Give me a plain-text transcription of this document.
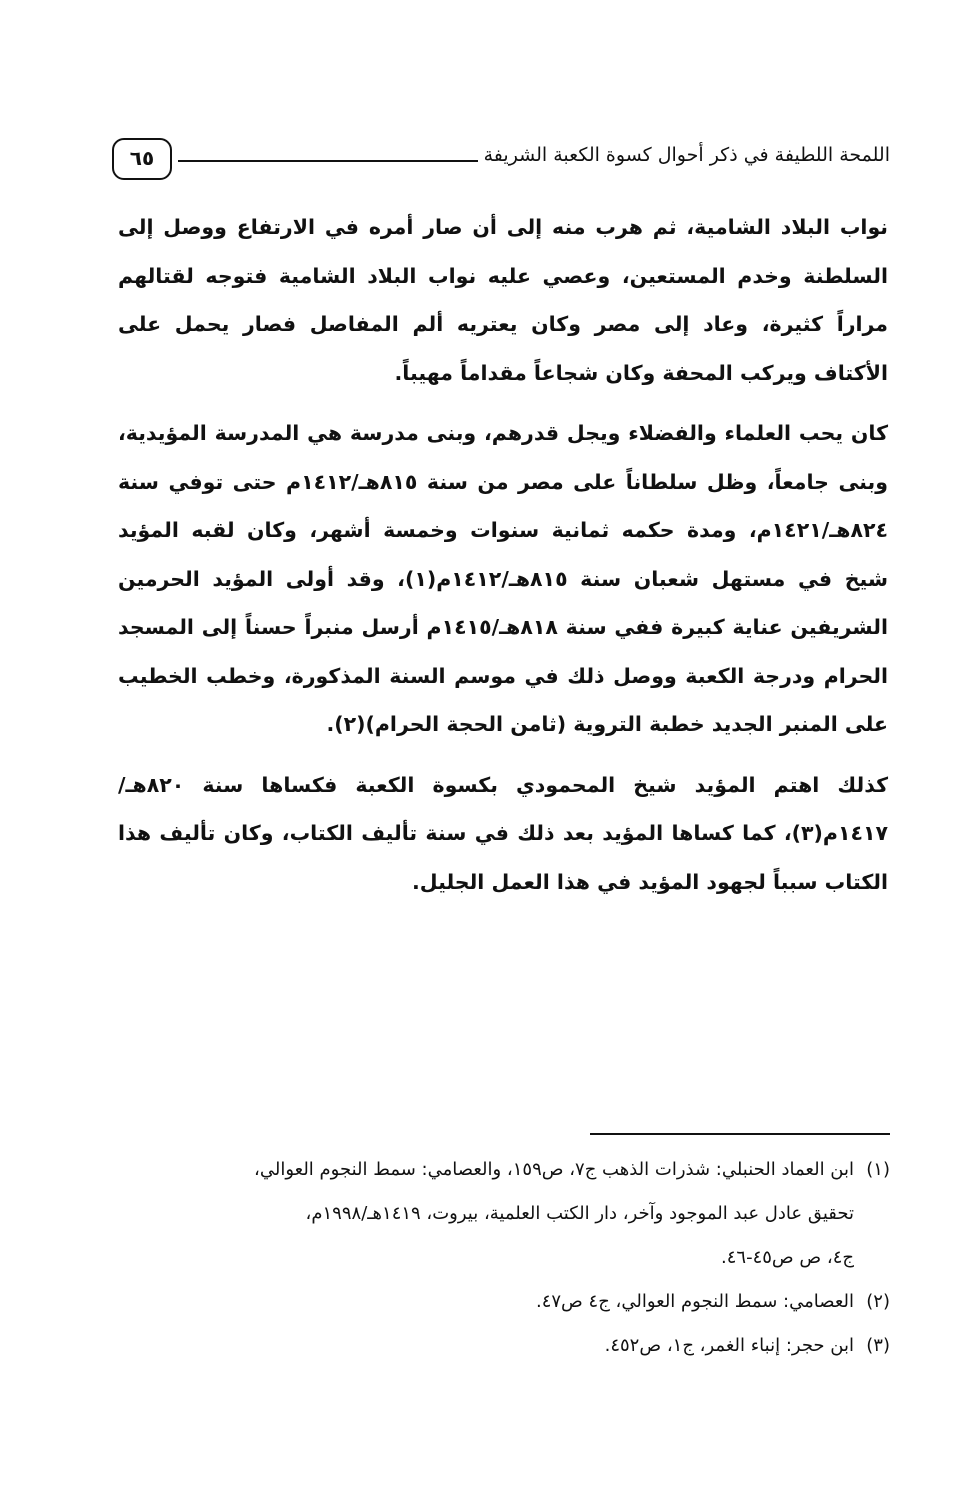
٦٥	اللمحة اللطيفة في ذكر أحوال كسوة الكعبة الشريفة

نواب البلاد الشامية، ثم هرب منه إلى أن صار أمره في الارتفاع ووصل إلى السلطنة وخدم المستعين، وعصي عليه نواب البلاد الشامية فتوجه لقتالهم مراراً كثيرة، وعاد إلى مصر وكان يعتريه ألم المفاصل فصار يحمل على الأكتاف ويركب المحفة وكان شجاعاً مقداماً مهيباً.

كان يحب العلماء والفضلاء ويجل قدرهم، وبنى مدرسة هي المدرسة المؤيدية، وبنى جامعاً، وظل سلطاناً على مصر من سنة ٨١٥هـ/١٤١٢م حتى توفي سنة ٨٢٤هـ/١٤٢١م، ومدة حكمه ثمانية سنوات وخمسة أشهر، وكان لقبه المؤيد شيخ في مستهل شعبان سنة ٨١٥هـ/١٤١٢م(١)، وقد أولى المؤيد الحرمين الشريفين عناية كبيرة ففي سنة ٨١٨هـ/١٤١٥م أرسل منبراً حسناً إلى المسجد الحرام ودرجة الكعبة ووصل ذلك في موسم السنة المذكورة، وخطب الخطيب على المنبر الجديد خطبة التروية (ثامن الحجة الحرام)(٢).

كذلك اهتم المؤيد شيخ المحمودي بكسوة الكعبة فكساها سنة ٨٢٠هـ/١٤١٧م(٣)، كما كساها المؤيد بعد ذلك في سنة تأليف الكتاب، وكان تأليف هذا الكتاب سبباً لجهود المؤيد في هذا العمل الجليل.

(١)ابن العماد الحنبلي: شذرات الذهب ج٧، ص١٥٩، والعصامي: سمط النجوم العوالي،

تحقيق عادل عبد الموجود وآخر، دار الكتب العلمية، بيروت، ١٤١٩هـ/١٩٩٨م،

ج٤، ص ص٤٥-٤٦.

(٢)العصامي: سمط النجوم العوالي، ج٤ ص٤٧.

(٣)ابن حجر: إنباء الغمر، ج١، ص٤٥٢.
